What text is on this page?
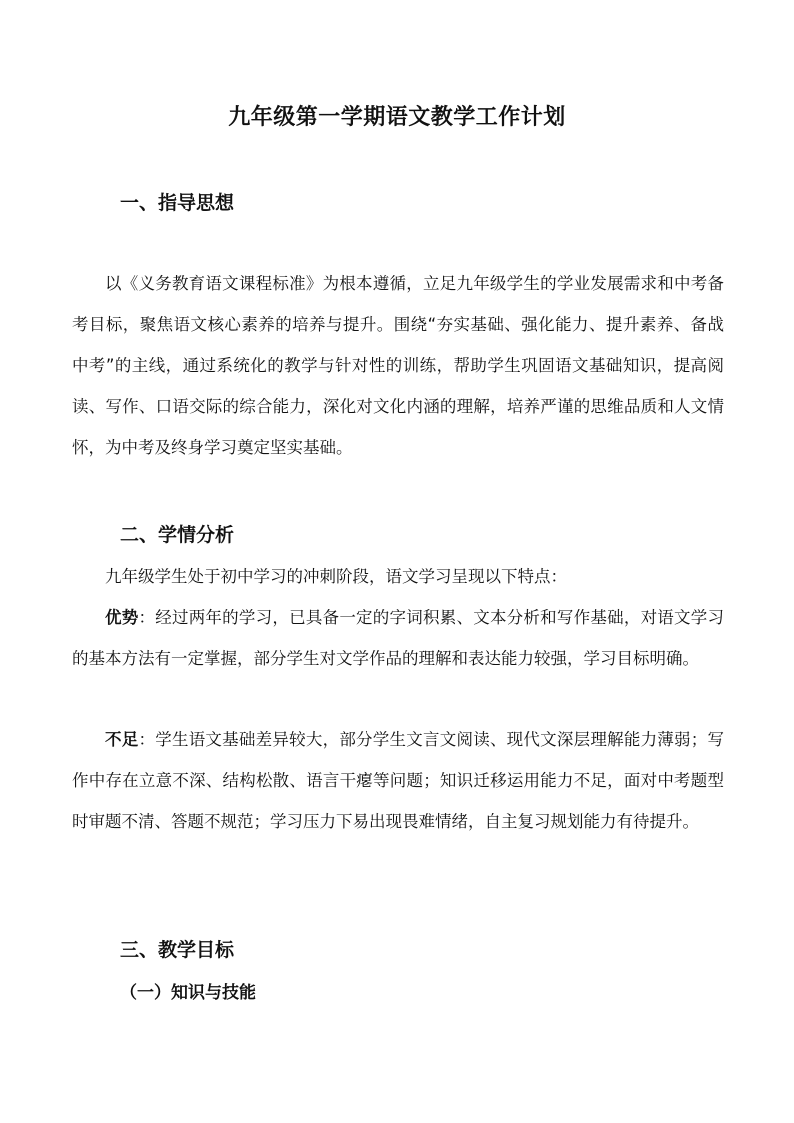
九年级第一学期语文教学工作计划
一、指导思想

以《义务教育语文课程标准》为根本遵循，立足九年级学生的学业发展需求和中考备考目标，聚焦语文核心素养的培养与提升。围绕“夯实基础、强化能力、提升素养、备战中考”的主线，通过系统化的教学与针对性的训练，帮助学生巩固语文基础知识，提高阅读、写作、口语交际的综合能力，深化对文化内涵的理解，培养严谨的思维品质和人文情怀，为中考及终身学习奠定坚实基础。

二、学情分析

九年级学生处于初中学习的冲刺阶段，语文学习呈现以下特点：

优势：经过两年的学习，已具备一定的字词积累、文本分析和写作基础，对语文学习的基本方法有一定掌握，部分学生对文学作品的理解和表达能力较强，学习目标明确。

不足：学生语文基础差异较大，部分学生文言文阅读、现代文深层理解能力薄弱；写作中存在立意不深、结构松散、语言干瘪等问题；知识迁移运用能力不足，面对中考题型时审题不清、答题不规范；学习压力下易出现畏难情绪，自主复习规划能力有待提升。

三、教学目标
（一）知识与技能
